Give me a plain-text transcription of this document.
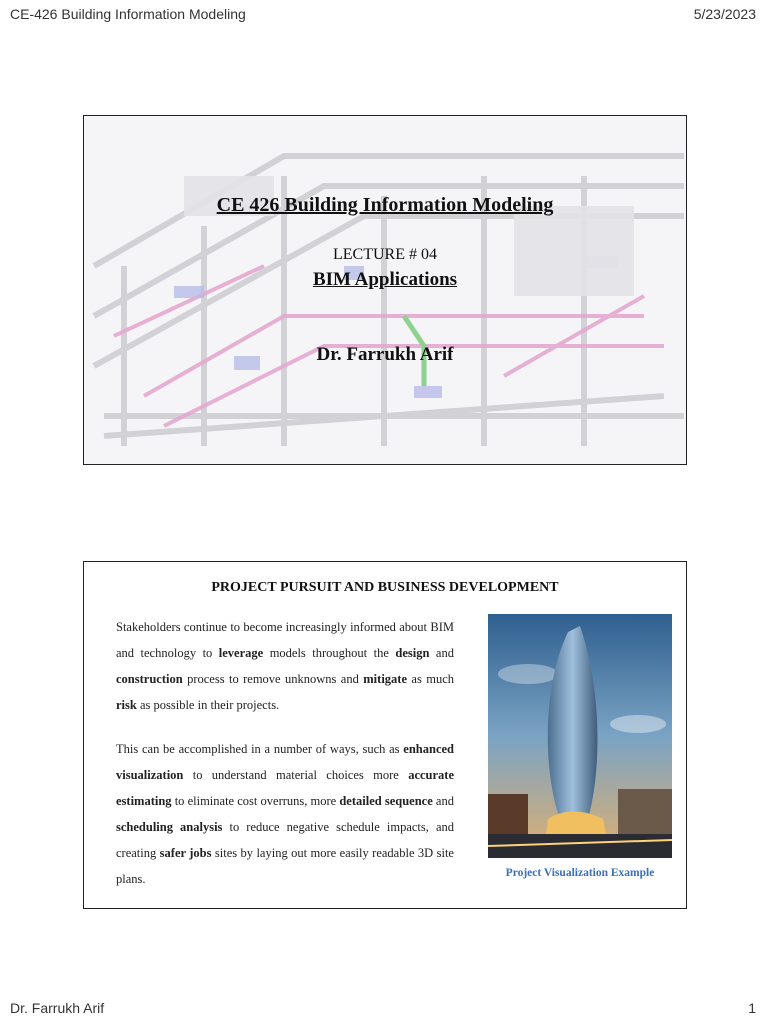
CE-426 Building Information Modeling	5/23/2023
CE 426 Building Information Modeling
LECTURE # 04
BIM Applications
Dr. Farrukh Arif
PROJECT PURSUIT AND BUSINESS DEVELOPMENT

Stakeholders continue to become increasingly informed about BIM and technology to leverage models throughout the design and construction process to remove unknowns and mitigate as much risk as possible in their projects.

This can be accomplished in a number of ways, such as enhanced visualization to understand material choices more accurate estimating to eliminate cost overruns, more detailed sequence and scheduling analysis to reduce negative schedule impacts, and creating safer jobs sites by laying out more easily readable 3D site plans.	Project Visualization Example
Dr. Farrukh Arif	1
